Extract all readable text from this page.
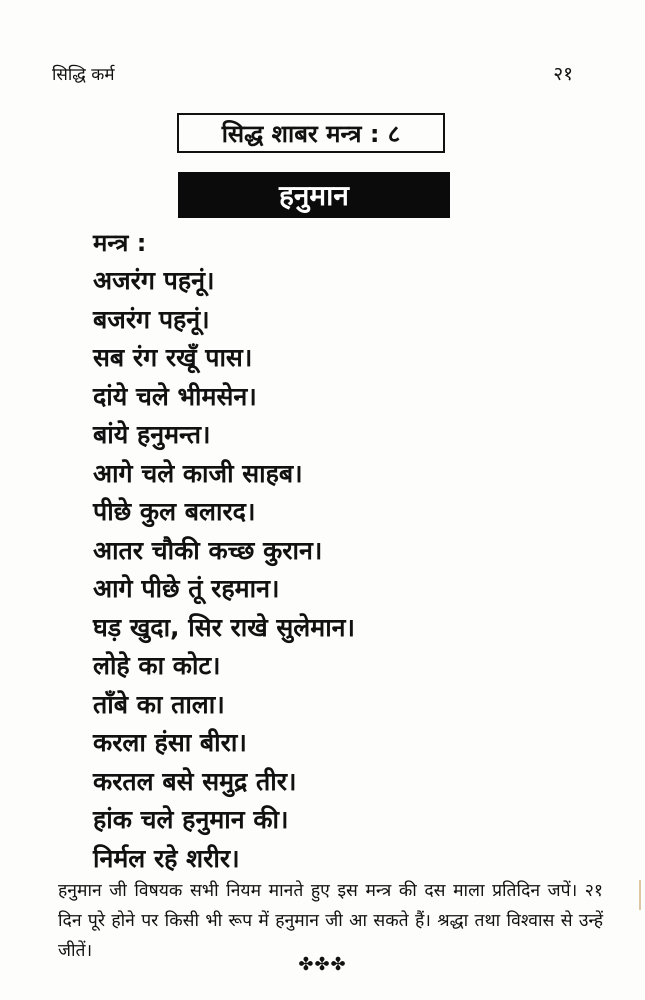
सिद्धि कर्म	२१
सिद्ध शाबर मन्त्र : ८
हनुमान
मन्त्र :
अजरंग पहनूं।
बजरंग पहनूं।
सब रंग रखूँ पास।
दांये चले भीमसेन।
बांये हनुमन्त।
आगे चले काजी साहब।
पीछे कुल बलारद।
आतर चौकी कच्छ कुरान।
आगे पीछे तूं रहमान।
घड़ खुदा, सिर राखे सुलेमान।
लोहे का कोट।
ताँबे का ताला।
करला हंसा बीरा।
करतल बसे समुद्र तीर।
हांक चले हनुमान की।
निर्मल रहे शरीर।

हनुमान जी विषयक सभी नियम मानते हुए इस मन्त्र की दस माला प्रतिदिन जपें। २१ दिन पूरे होने पर किसी भी रूप में हनुमान जी आ सकते हैं। श्रद्धा तथा विश्वास से उन्हें जीतें।

✤✤✤
